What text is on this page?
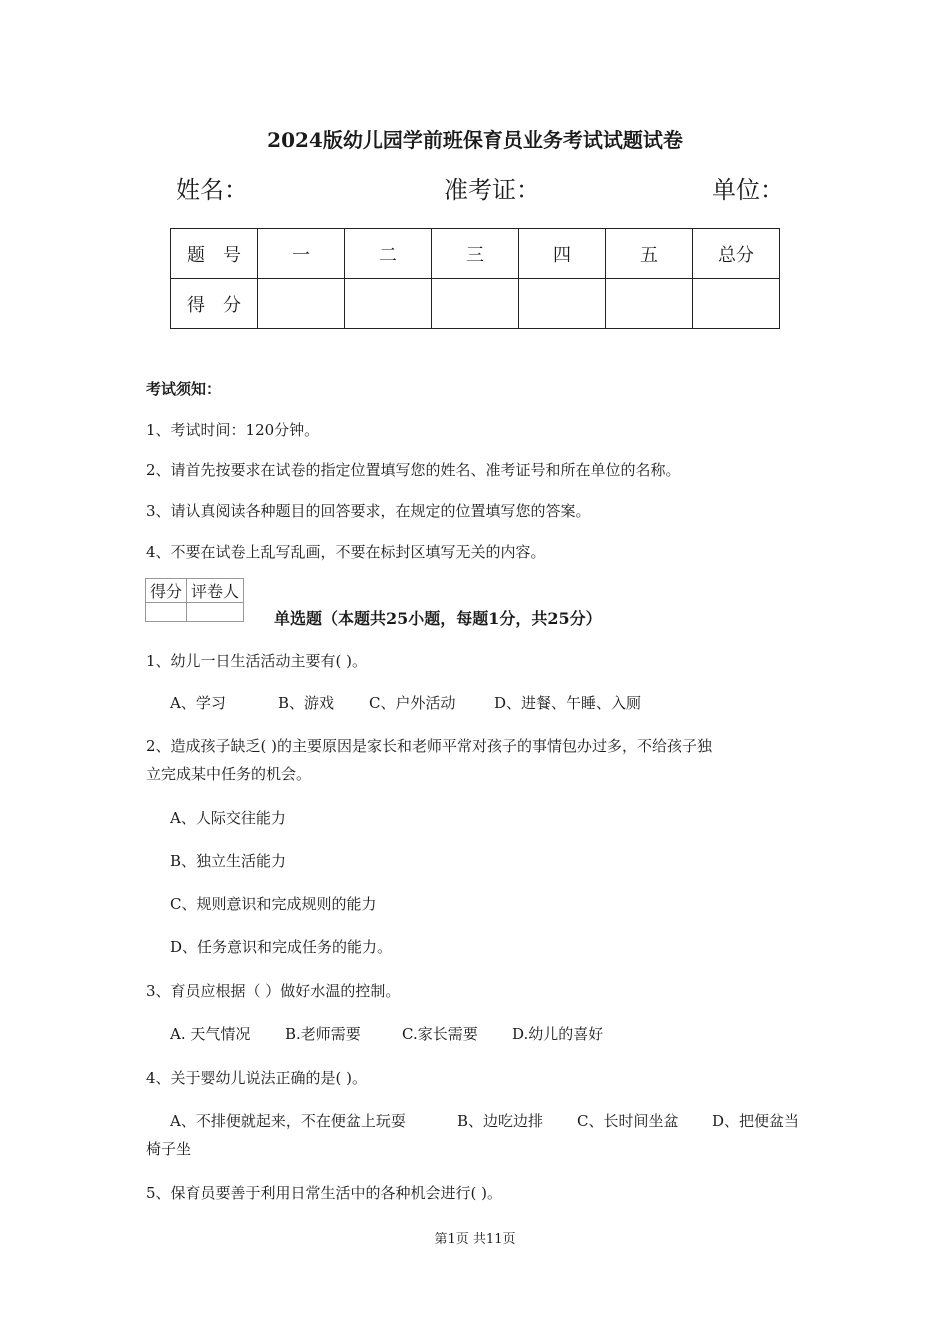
2024版幼儿园学前班保育员业务考试试题试卷
姓名：	准考证：	单位：
题　号	一	二	三	四	五	总分
得　分						
考试须知：
1、考试时间：120分钟。
2、请首先按要求在试卷的指定位置填写您的姓名、准考证号和所在单位的名称。
3、请认真阅读各种题目的回答要求，在规定的位置填写您的答案。
4、不要在试卷上乱写乱画，不要在标封区填写无关的内容。
得分	评卷人

单选题（本题共25小题，每题1分，共25分）
1、幼儿一日生活活动主要有( )。
A、学习	B、游戏 C、户外活动	D、进餐、午睡、入厕
2、造成孩子缺乏( )的主要原因是家长和老师平常对孩子的事情包办过多，不给孩子独
立完成某中任务的机会。
A、人际交往能力
B、独立生活能力
C、规则意识和完成规则的能力
D、任务意识和完成任务的能力。
3、育员应根据（ ）做好水温的控制。
A. 天气情况 B.老师需要	C.家长需要 D.幼儿的喜好
4、关于婴幼儿说法正确的是( )。
A、不排便就起来，不在便盆上玩耍	B、边吃边排 C、长时间坐盆 D、把便盆当
椅子坐
5、保育员要善于利用日常生活中的各种机会进行( )。
第1页 共11页
